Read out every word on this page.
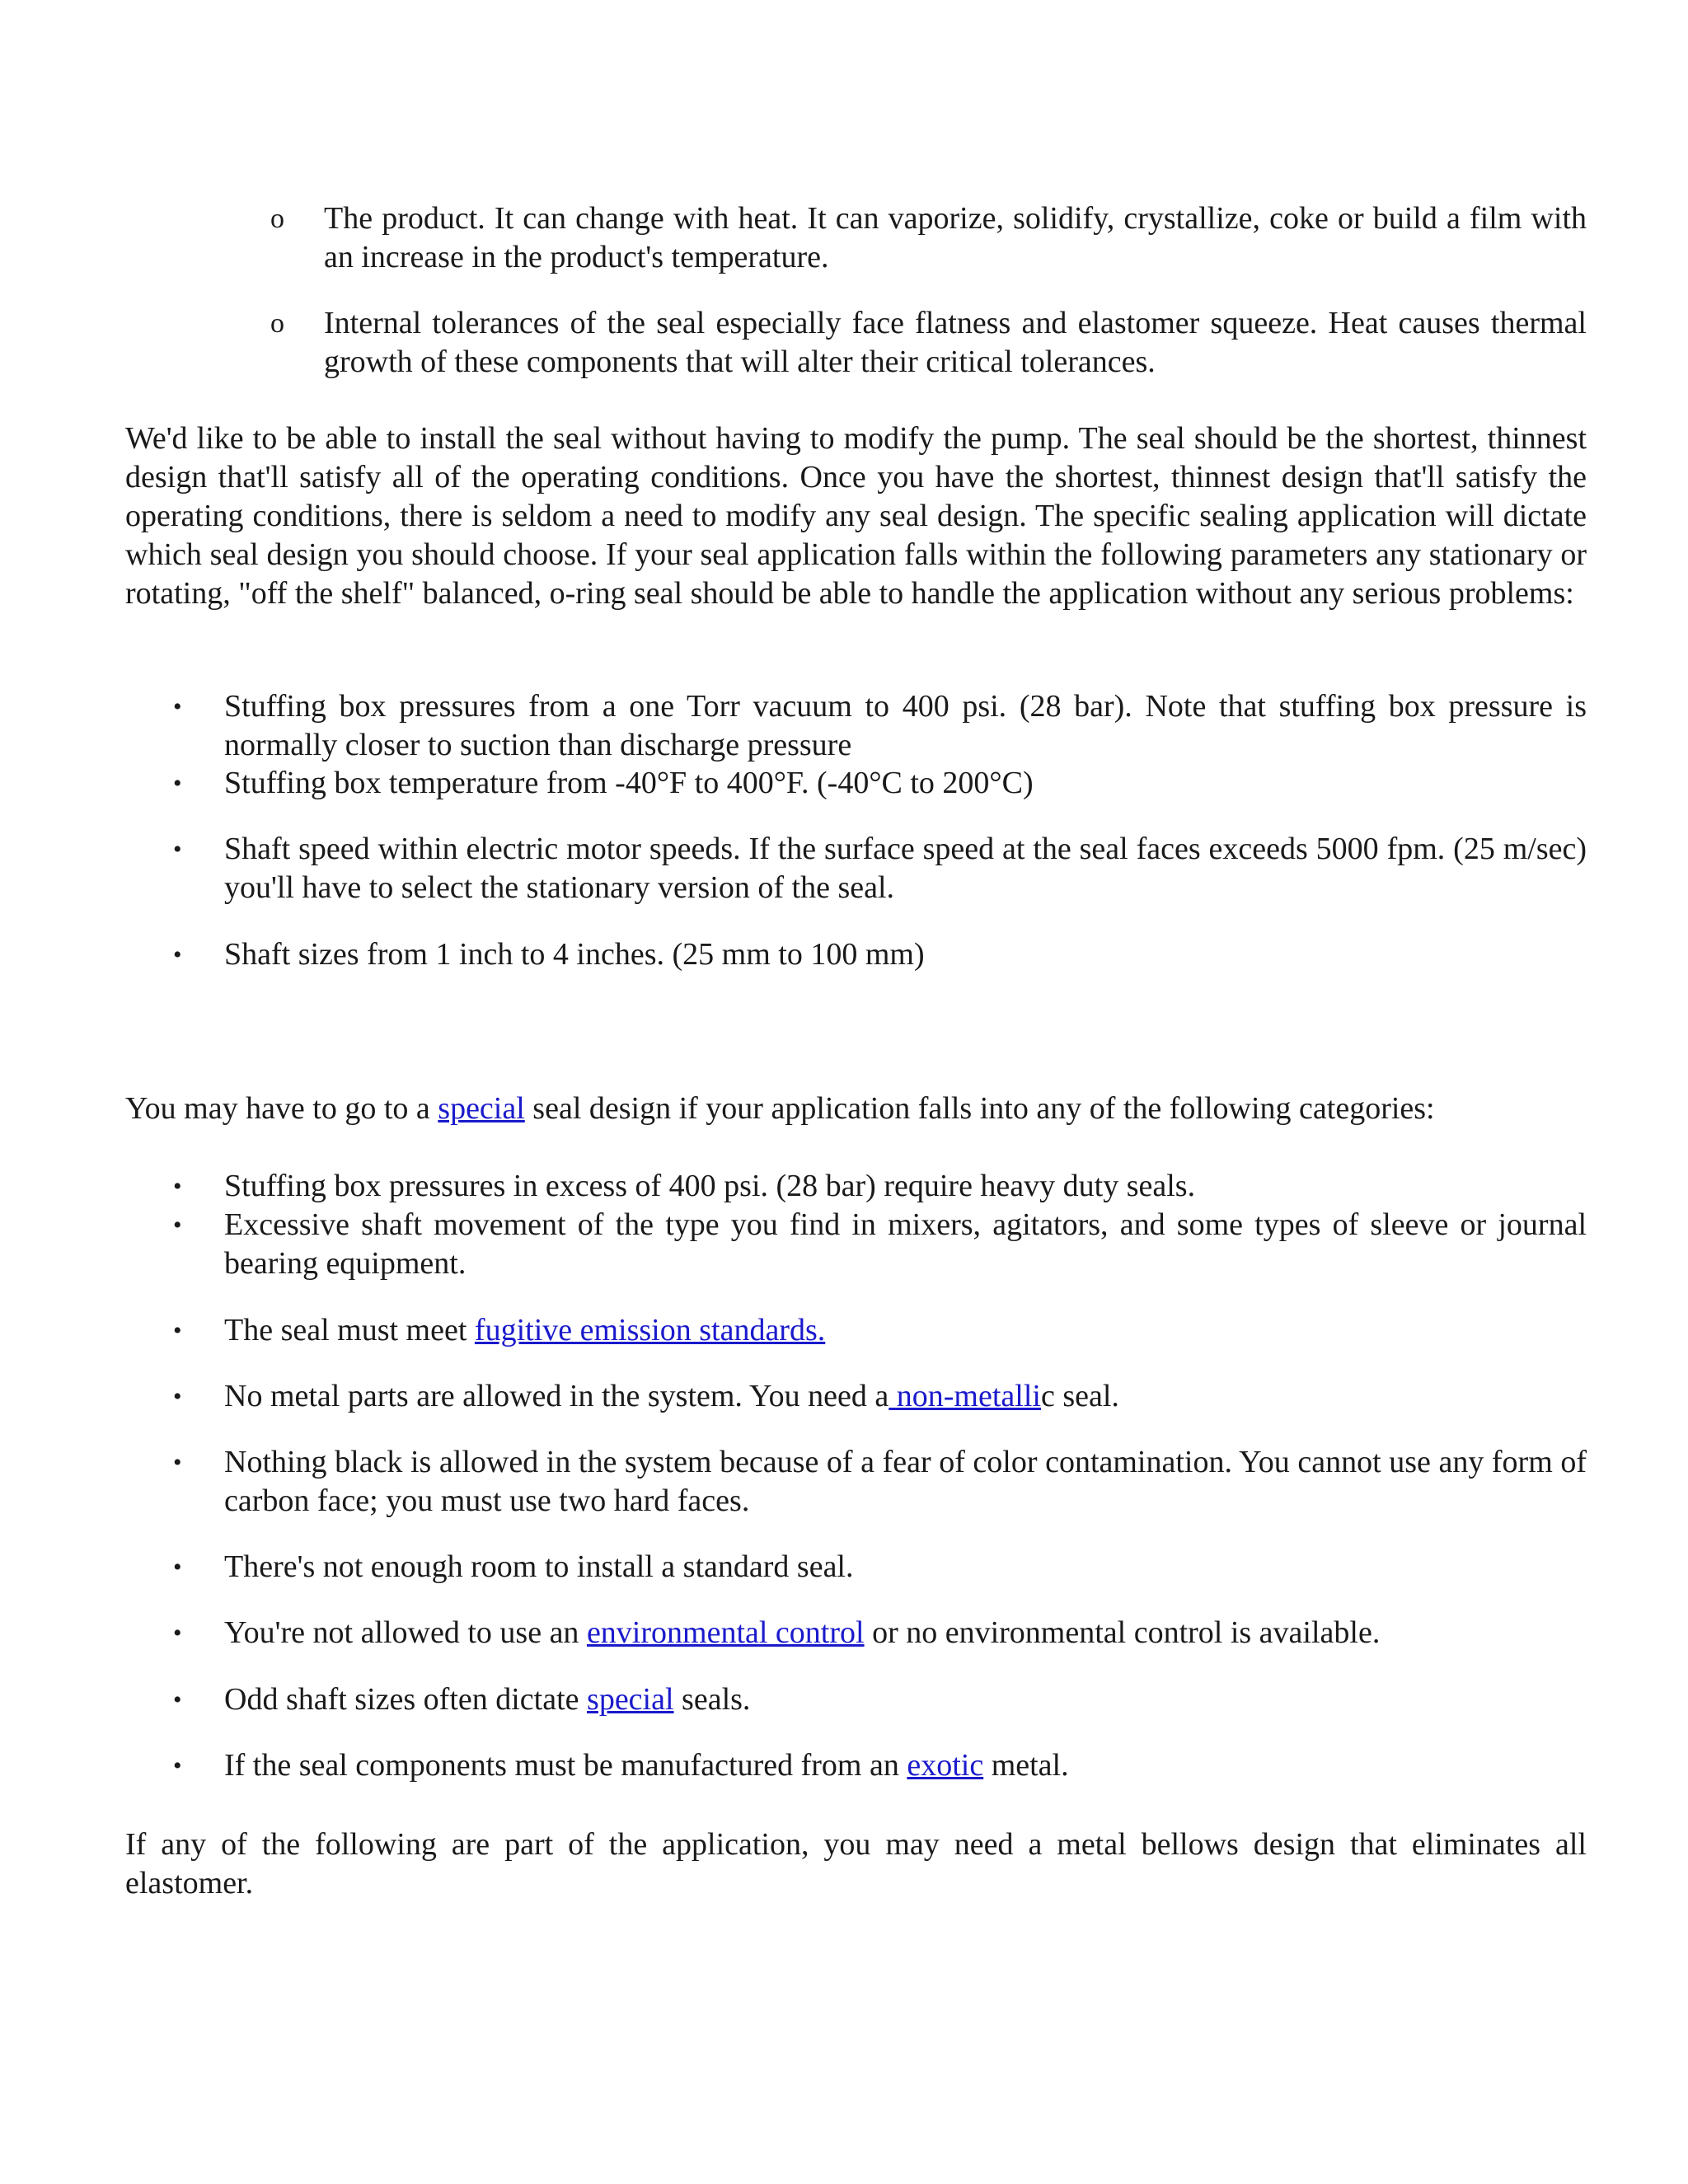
o	The product. It can change with heat. It can vaporize, solidify, crystallize, coke or build a film with an increase in the product's temperature.
o	Internal tolerances of the seal especially face flatness and elastomer squeeze. Heat causes thermal growth of these components that will alter their critical tolerances.
We'd like to be able to install the seal without having to modify the pump. The seal should be the shortest, thinnest design that'll satisfy all of the operating conditions. Once you have the shortest, thinnest design that'll satisfy the operating conditions, there is seldom a need to modify any seal design. The specific sealing application will dictate which seal design you should choose. If your seal application falls within the following parameters any stationary or rotating, "off the shelf" balanced, o-ring seal should be able to handle the application without any serious problems:
• Stuffing box pressures from a one Torr vacuum to 400 psi. (28 bar). Note that stuffing box pressure is normally closer to suction than discharge pressure
• Stuffing box temperature from -40°F to 400°F. (-40°C to 200°C)
• Shaft speed within electric motor speeds. If the surface speed at the seal faces exceeds 5000 fpm. (25 m/sec) you'll have to select the stationary version of the seal.
• Shaft sizes from 1 inch to 4 inches. (25 mm to 100 mm)
You may have to go to a special seal design if your application falls into any of the following categories:
• Stuffing box pressures in excess of 400 psi. (28 bar) require heavy duty seals.
• Excessive shaft movement of the type you find in mixers, agitators, and some types of sleeve or journal bearing equipment.
• The seal must meet fugitive emission standards.
• No metal parts are allowed in the system. You need a non-metallic seal.
• Nothing black is allowed in the system because of a fear of color contamination. You cannot use any form of carbon face; you must use two hard faces.
• There's not enough room to install a standard seal.
• You're not allowed to use an environmental control or no environmental control is available.
• Odd shaft sizes often dictate special seals.
• If the seal components must be manufactured from an exotic metal.
If any of the following are part of the application, you may need a metal bellows design that eliminates all elastomer.
